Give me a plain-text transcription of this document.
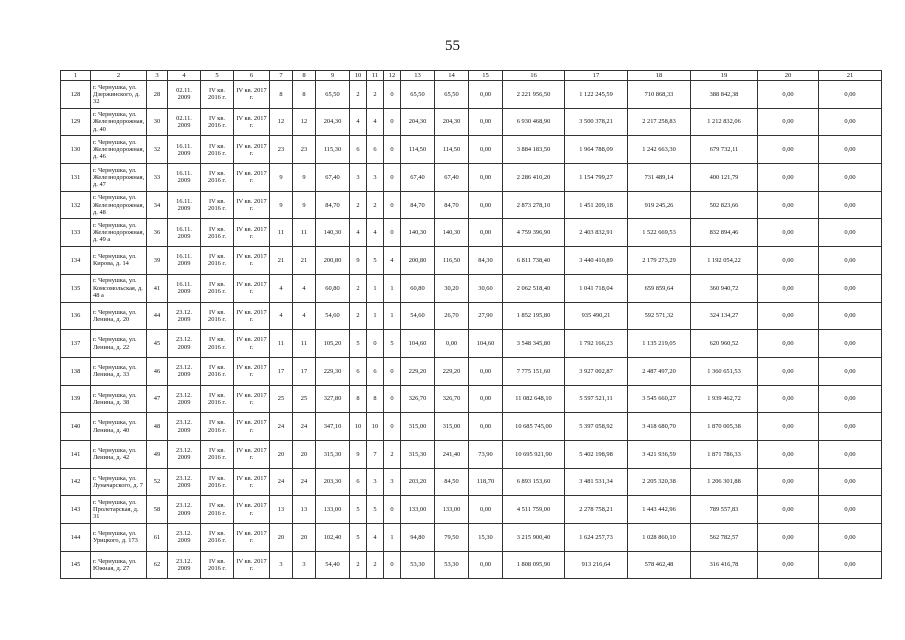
55
1	2	3	4	5	6	7	8	9	10	11	12	13	14	15	16	17	18	19	20	21
128	г. Чернушка, ул. Дзержинского, д. 32	28	02.11. 2009	IV кв. 2016 г.	IV кв. 2017 г.	8	8	65,50	2	2	0	65,50	65,50	0,00	2 221 956,50	1 122 245,59	710 868,33	388 842,38	0,00	0,00
129	г. Чернушка, ул. Железнодорожная, д. 40	30	02.11. 2009	IV кв. 2016 г.	IV кв. 2017 г.	12	12	204,30	4	4	0	204,30	204,30	0,00	6 930 468,90	3 500 378,21	2 217 258,83	1 212 832,06	0,00	0,00
130	г. Чернушка, ул. Железнодорожная, д. 46	32	16.11. 2009	IV кв. 2016 г.	IV кв. 2017 г.	23	23	115,30	6	6	0	114,50	114,50	0,00	3 884 183,50	1 964 788,09	1 242 663,30	679 732,11	0,00	0,00
131	г. Чернушка, ул. Железнодорожная, д. 47	33	16.11. 2009	IV кв. 2016 г.	IV кв. 2017 г.	9	9	67,40	3	3	0	67,40	67,40	0,00	2 286 410,20	1 154 799,27	731 489,14	400 121,79	0,00	0,00
132	г. Чернушка, ул. Железнодорожная, д. 48	34	16.11. 2009	IV кв. 2016 г.	IV кв. 2017 г.	9	9	84,70	2	2	0	84,70	84,70	0,00	2 873 278,10	1 451 209,18	919 245,26	502 823,66	0,00	0,00
133	г. Чернушка, ул. Железнодорожная, д. 49 а	36	16.11. 2009	IV кв. 2016 г.	IV кв. 2017 г.	11	11	140,30	4	4	0	140,30	140,30	0,00	4 759 396,90	2 403 832,91	1 522 669,53	832 894,46	0,00	0,00
134	г. Чернушка, ул. Кирова, д. 14	39	16.11. 2009	IV кв. 2016 г.	IV кв. 2017 г.	21	21	200,80	9	5	4	200,80	116,50	84,30	6 811 738,40	3 440 410,89	2 179 273,29	1 192 054,22	0,00	0,00
135	г. Чернушка, ул. Комсомольская, д. 48 а	41	16.11. 2009	IV кв. 2016 г.	IV кв. 2017 г.	4	4	60,80	2	1	1	60,80	30,20	30,60	2 062 518,40	1 041 718,04	659 859,64	360 940,72	0,00	0,00
136	г. Чернушка, ул. Ленина, д. 20	44	23.12. 2009	IV кв. 2016 г.	IV кв. 2017 г.	4	4	54,60	2	1	1	54,60	26,70	27,90	1 852 195,80	935 490,21	592 571,32	324 134,27	0,00	0,00
137	г. Чернушка, ул. Ленина, д. 22	45	23.12. 2009	IV кв. 2016 г.	IV кв. 2017 г.	11	11	105,20	5	0	5	104,60	0,00	104,60	3 548 345,80	1 792 166,23	1 135 219,05	620 960,52	0,00	0,00
138	г. Чернушка, ул. Ленина, д. 33	46	23.12. 2009	IV кв. 2016 г.	IV кв. 2017 г.	17	17	229,30	6	6	0	229,20	229,20	0,00	7 775 151,60	3 927 002,87	2 487 497,20	1 360 651,53	0,00	0,00
139	г. Чернушка, ул. Ленина, д. 38	47	23.12. 2009	IV кв. 2016 г.	IV кв. 2017 г.	25	25	327,80	8	8	0	326,70	326,70	0,00	11 082 648,10	5 597 521,11	3 545 660,27	1 939 462,72	0,00	0,00
140	г. Чернушка, ул. Ленина, д. 40	48	23.12. 2009	IV кв. 2016 г.	IV кв. 2017 г.	24	24	347,10	10	10	0	315,00	315,00	0,00	10 685 745,00	5 397 058,92	3 418 680,70	1 870 005,38	0,00	0,00
141	г. Чернушка, ул. Ленина, д. 42	49	23.12. 2009	IV кв. 2016 г.	IV кв. 2017 г.	20	20	315,30	9	7	2	315,30	241,40	73,90	10 695 921,90	5 402 198,98	3 421 936,59	1 871 786,33	0,00	0,00
142	г. Чернушка, ул. Луначарского, д. 7	52	23.12. 2009	IV кв. 2016 г.	IV кв. 2017 г.	24	24	203,30	6	3	3	203,20	84,50	118,70	6 893 153,60	3 481 531,34	2 205 320,38	1 206 301,88	0,00	0,00
143	г. Чернушка, ул. Пролетарская, д. 31	58	23.12. 2009	IV кв. 2016 г.	IV кв. 2017 г.	13	13	133,00	5	5	0	133,00	133,00	0,00	4 511 759,00	2 278 758,21	1 443 442,96	789 557,83	0,00	0,00
144	г. Чернушка, ул. Урицкого, д. 173	61	23.12. 2009	IV кв. 2016 г.	IV кв. 2017 г.	20	20	102,40	5	4	1	94,80	79,50	15,30	3 215 900,40	1 624 257,73	1 028 860,10	562 782,57	0,00	0,00
145	г. Чернушка, ул. Южная, д. 27	62	23.12. 2009	IV кв. 2016 г.	IV кв. 2017 г.	3	3	54,40	2	2	0	53,30	53,30	0,00	1 808 095,90	913 216,64	578 462,48	316 416,78	0,00	0,00
